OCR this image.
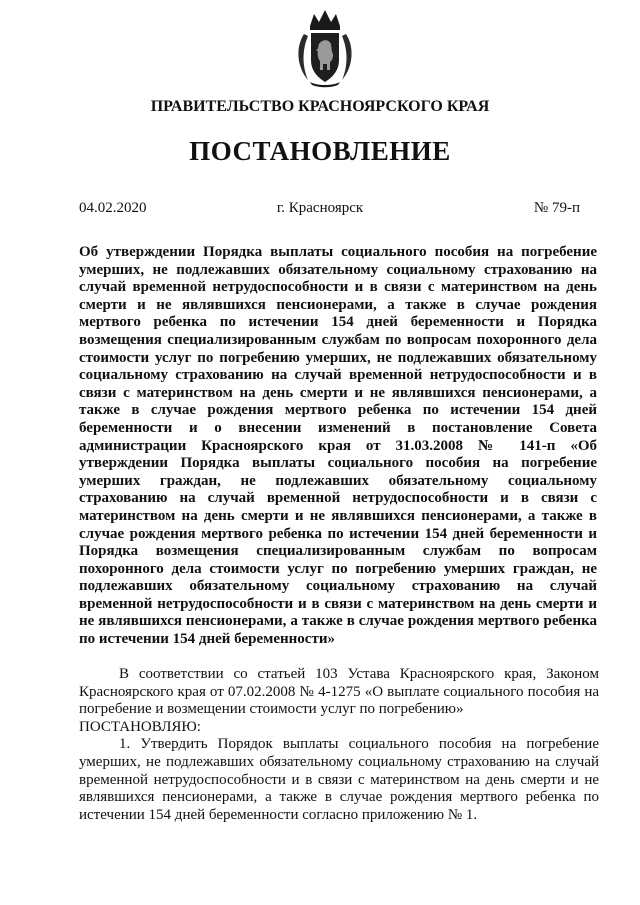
ПРАВИТЕЛЬСТВО КРАСНОЯРСКОГО КРАЯ
ПОСТАНОВЛЕНИЕ
04.02.2020	г. Красноярск	№ 79-п
Об утверждении Порядка выплаты социального пособия на погребение умерших, не подлежавших обязательному социальному страхованию на случай временной нетрудоспособности и в связи с материнством на день смерти и не являвшихся пенсионерами, а также в случае рождения мертвого ребенка по истечении 154 дней беременности и Порядка возмещения специализированным службам по вопросам похоронного дела стоимости услуг по погребению умерших, не подлежавших обязательному социальному страхованию на случай временной нетрудоспособности и в связи с материнством на день смерти и не являвшихся пенсионерами, а также в случае рождения мертвого ребенка по истечении 154 дней беременности и о внесении изменений в постановление Совета администрации Красноярского края от 31.03.2008 № 141-п «Об утверждении Порядка выплаты социального пособия на погребение умерших граждан, не подлежавших обязательному социальному страхованию на случай временной нетрудоспособности и в связи с материнством на день смерти и не являвшихся пенсионерами, а также в случае рождения мертвого ребенка по истечении 154 дней беременности и Порядка возмещения специализированным службам по вопросам похоронного дела стоимости услуг по погребению умерших граждан, не подлежавших обязательному социальному страхованию на случай временной нетрудоспособности и в связи с материнством на день смерти и не являвшихся пенсионерами, а также в случае рождения мертвого ребенка по истечении 154 дней беременности»

В соответствии со статьей 103 Устава Красноярского края, Законом Красноярского края от 07.02.2008 № 4-1275 «О выплате социального пособия на погребение и возмещении стоимости услуг по погребению»

ПОСТАНОВЛЯЮ:

1. Утвердить Порядок выплаты социального пособия на погребение умерших, не подлежавших обязательному социальному страхованию на случай временной нетрудоспособности и в связи с материнством на день смерти и не являвшихся пенсионерами, а также в случае рождения мертвого ребенка по истечении 154 дней беременности согласно приложению № 1.
